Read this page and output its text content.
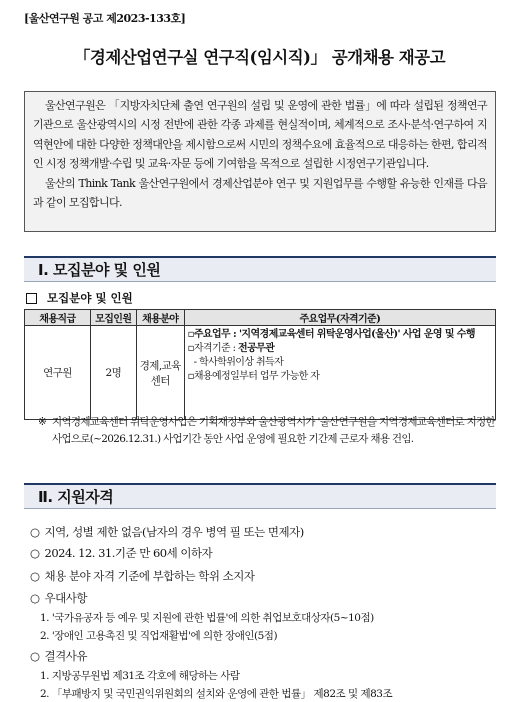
[울산연구원 공고 제2023-133호]
「경제산업연구실 연구직(임시직)」 공개채용 재공고

울산연구원은 「지방자치단체 출연 연구원의 설립 및 운영에 관한 법률」에 따라 설립된 정책연구기관으로 울산광역시의 시정 전반에 관한 각종 과제를 현실적이며, 체계적으로 조사·분석·연구하여 지역현안에 대한 다양한 정책대안을 제시함으로써 시민의 정책수요에 효율적으로 대응하는 한편, 합리적인 시정 정책개발·수립 및 교육·자문 등에 기여함을 목적으로 설립한 시정연구기관입니다.

울산의 Think Tank 울산연구원에서 경제산업분야 연구 및 지원업무를 수행할 유능한 인재를 다음과 같이 모집합니다.

Ⅰ. 모집분야 및 인원
모집분야 및 인원
채용직급	모집인원	채용분야	주요업무(자격기준)
연구원	2명	경제,교육 센터	▫주요업무 : '지역경제교육센터 위탁운영사업(울산)' 사업 운영 및 수행
▫자격기준 : 전공무관
- 학사학위이상 취득자
▫채용예정일부터 업무 가능한 자
※ 지역경제교육센터 위탁운영사업은 기획재정부와 울산광역시가 '울산연구원을 지역경제교육센터로 지정한 사업으로(~2026.12.31.) 사업기간 동안 사업 운영에 필요한 기간제 근로자 채용 건임.
Ⅱ. 지원자격
○ 지역, 성별 제한 없음(남자의 경우 병역 필 또는 면제자)
○ 2024. 12. 31.기준 만 60세 이하자
○ 채용 분야 자격 기준에 부합하는 학위 소지자
○ 우대사항
1. '국가유공자 등 예우 및 지원에 관한 법률'에 의한 취업보호대상자(5~10점)
2. '장애인 고용촉진 및 직업재활법'에 의한 장애인(5점)
○ 결격사유
1. 지방공무원법 제31조 각호에 해당하는 사람
2. 「부패방지 및 국민권익위원회의 설치와 운영에 관한 법률」 제82조 및 제83조
